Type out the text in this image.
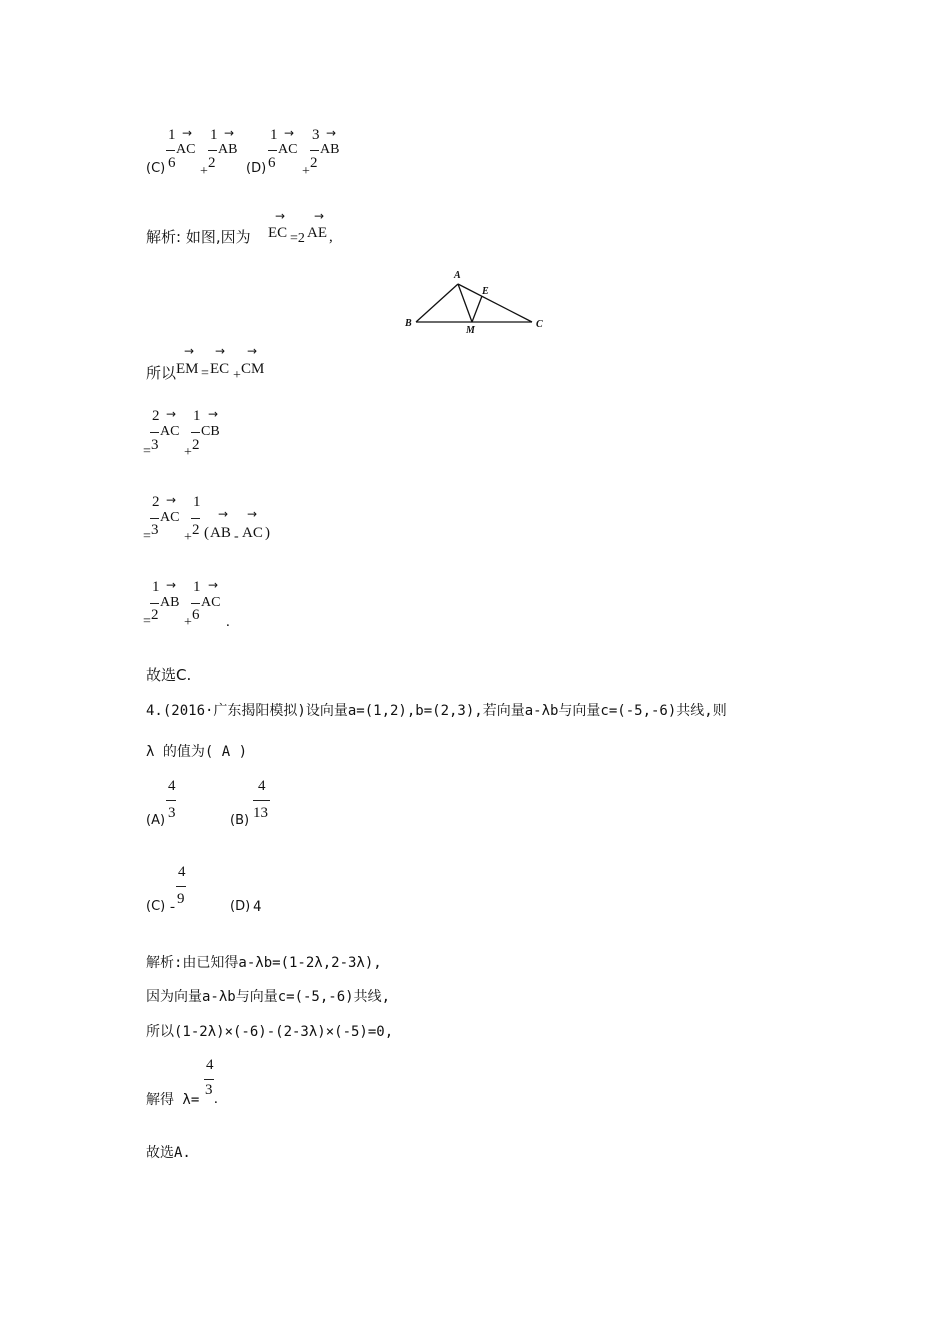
1 →
AC
(C) 6
+
1 →
AB
2 (D)
1 →
AC
6
+
3 →
AB
2
解析: 如图,因为
→
EC =2
→
AE ,
A
B	C
E
M
所以
→
EM =
→
EC +
→
CM
2 →
AC
= 3 +
1 →
CB
2
2 →
AC
= 3 +
1
2 (
→
AB -
→
AC )
1 →
AB
= 2 +
1 →
AC
6 .
故选C.
4.(2016·广东揭阳模拟)设向量a=(1,2),b=(2,3),若向量a-λb与向量c=(-5,-6)共线,则
λ 的值为( A )
(A)
4
3	(B)
4
13
(C) -
4
9	(D) 4
解析:由已知得a-λb=(1-2λ,2-3λ),
因为向量a-λb与向量c=(-5,-6)共线,
所以(1-2λ)×(-6)-(2-3λ)×(-5)=0,
解得 λ=
4
3
.
故选A.
